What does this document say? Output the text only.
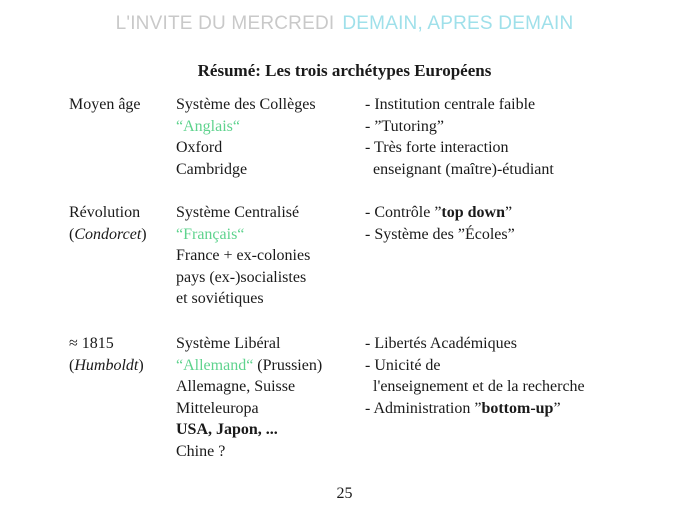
L'INVITE DU MERCREDI DEMAIN, APRES DEMAIN
Résumé: Les trois archétypes Européens
Moyen âge Système des Collèges
“Anglais“
Oxford
Cambridge
- Institution centrale faible
- ”Tutoring”
- Très forte interaction
enseignant (maître)-étudiant
Révolution
(Condorcet)
Système Centralisé
“Français“
France + ex-colonies
pays (ex-)socialistes
et soviétiques
- Contrôle ”top down”
- Système des ”Écoles”
≈ 1815
(Humboldt)
Système Libéral
“Allemand“ (Prussien)
Allemagne, Suisse
Mitteleuropa
USA, Japon, ...
Chine ?
- Libertés Académiques
- Unicité de
l'enseignement et de la recherche
- Administration ”bottom-up”
25
